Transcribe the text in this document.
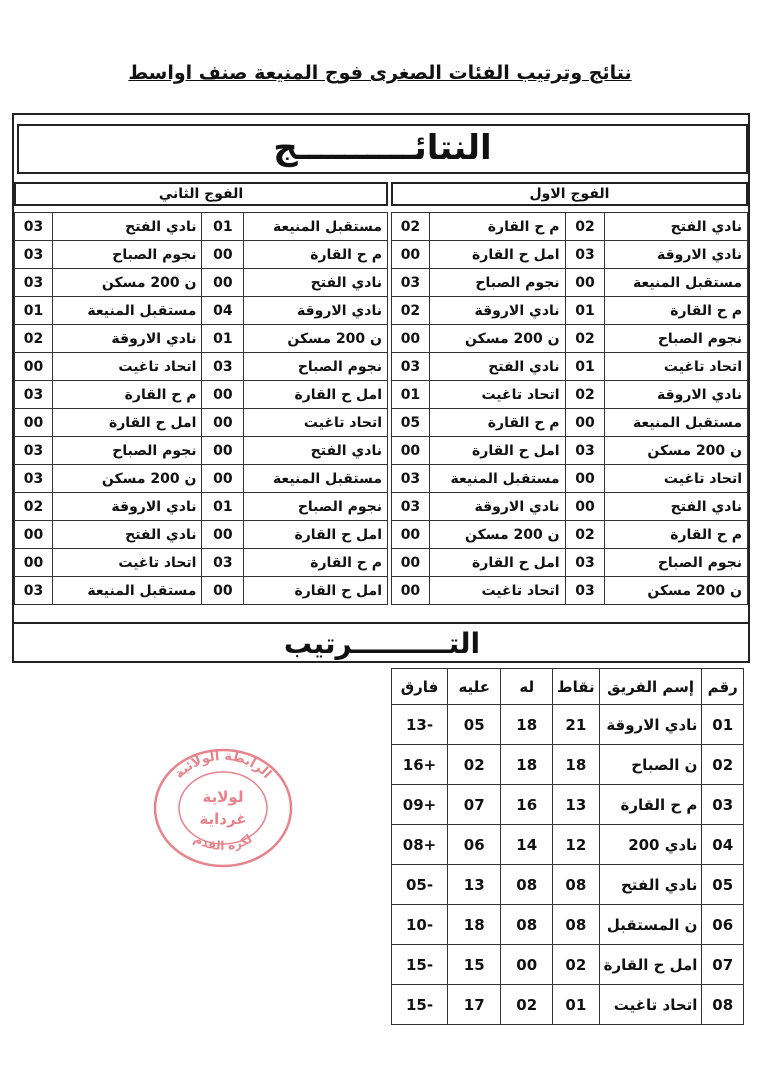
نتائج وترتيب الفئات الصغرى فوج المنيعة صنف اواسط
النتائــــــــــج
الفوج الاول
الفوج الثاني
02	م ح القارة	02	نادي الفتح
00	امل ح القارة	03	نادي الاروقة
03	نجوم الصباح	00	مستقبل المنيعة
02	نادي الاروقة	01	م ح القارة
00	ن 200 مسكن	02	نجوم الصباح
03	نادي الفتح	01	اتحاد تاغيت
01	اتحاد تاغيت	02	نادي الاروقة
05	م ح القارة	00	مستقبل المنيعة
00	امل ح القارة	03	ن 200 مسكن
03	مستقبل المنيعة	00	اتحاد تاغيت
03	نادي الاروقة	00	نادي الفتح
00	ن 200 مسكن	02	م ح القارة
00	امل ح القارة	03	نجوم الصباح
00	اتحاد تاغيت	03	ن 200 مسكن
03	نادي الفتح	01	مستقبل المنيعة
03	نجوم الصباح	00	م ح القارة
03	ن 200 مسكن	00	نادي الفتح
01	مستقبل المنيعة	04	نادي الاروقة
02	نادي الاروقة	01	ن 200 مسكن
00	اتحاد تاغيت	03	نجوم الصباح
03	م ح القارة	00	امل ح القارة
00	امل ح القارة	00	اتحاد تاغيت
03	نجوم الصباح	00	نادي الفتح
03	ن 200 مسكن	00	مستقبل المنيعة
02	نادي الاروقة	01	نجوم الصباح
00	نادي الفتح	00	امل ح القارة
00	اتحاد تاغيت	03	م ح القارة
03	مستقبل المنيعة	00	امل ح القارة
التــــــــــرتيب
فارق	عليه	له	نقاط	إسم الفريق	رقم
13-	05	18	21	نادي الاروقة	01
16+	02	18	18	ن الصباح	02
09+	07	16	13	م ح القارة	03
08+	06	14	12	نادي 200	04
05-	13	08	08	نادي الفتح	05
10-	18	08	08	ن المستقبل	06
15-	15	00	02	امل ح القارة	07
15-	17	02	01	اتحاد تاغيت	08
الرابطة الولائية
لكرة القدم
لولاية
غرداية
